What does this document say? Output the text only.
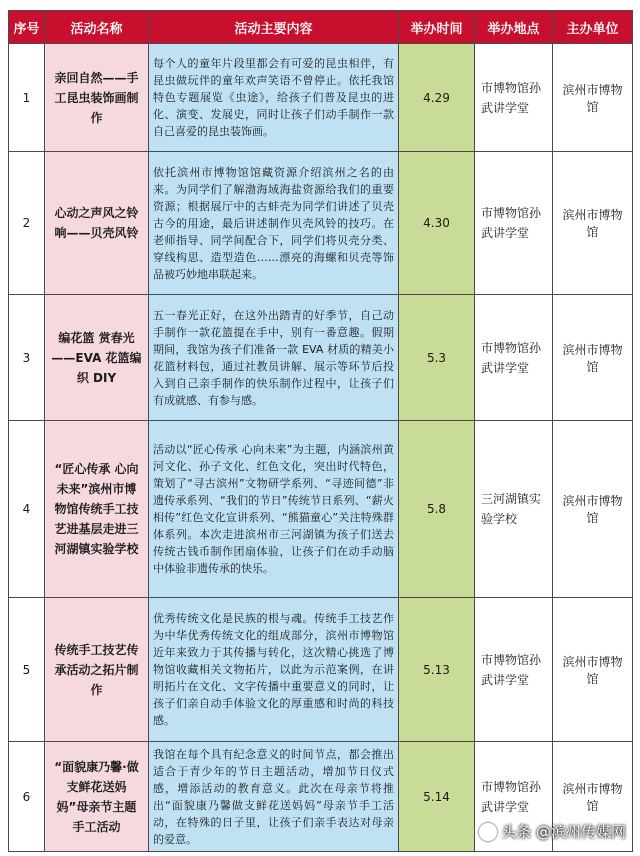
序号	活动名称	活动主要内容	举办时间	举办地点	主办单位
1	亲回自然——手工昆虫装饰画制作	每个人的童年片段里都会有可爱的昆虫相伴，有昆虫做玩伴的童年欢声笑语不曾停止。依托我馆特色专题展览《虫途》，给孩子们普及昆虫的进化、演变、发展史，同时让孩子们动手制作一款自己喜爱的昆虫装饰画。	4.29	市博物馆孙武讲学堂	滨州市博物馆
2	心动之声风之铃响——贝壳风铃	依托滨州市博物馆馆藏资源介绍滨州之名的由来。为同学们了解渤海域海盐资源给我们的重要资源；根据展厅中的古蚌壳为同学们讲述了贝壳古今的用途，最后讲述制作贝壳风铃的技巧。在老师指导、同学间配合下，同学们将贝壳分类、穿线构思、造型造色……漂亮的海螺和贝壳等饰品被巧妙地串联起来。	4.30	市博物馆孙武讲学堂	滨州市博物馆
3	编花篮 赏春光——EVA 花篮编织 DIY	五一春光正好，在这外出踏青的好季节，自己动手制作一款花篮提在手中，别有一番意趣。假期期间，我馆为孩子们准备一款 EVA 材质的精美小花篮材料包，通过社教员讲解、展示等环节后投入到自己亲手制作的快乐制作过程中，让孩子们有成就感、有参与感。	5.3	市博物馆孙武讲学堂	滨州市博物馆
4	“匠心传承 心向未来”滨州市博物馆传统手工技艺进基层走进三河湖镇实验学校	活动以“匠心传承 心向未来”为主题，内涵滨州黄河文化、孙子文化、红色文化，突出时代特色，策划了“寻古滨州”文物研学系列、“寻迹间德”非遗传承系列、“我们的节日”传统节日系列、“薪火相传”红色文化宣讲系列、“熊猫童心”关注特殊群体系列。本次走进滨州市三河湖镇为孩子们送去传统古钱币制作团扇体验，让孩子们在动手动脑中体验非遗传承的快乐。	5.8	三河湖镇实验学校	滨州市博物馆
5	传统手工技艺传承活动之拓片制作	优秀传统文化是民族的根与魂。传统手工技艺作为中华优秀传统文化的组成部分，滨州市博物馆近年来致力于其传播与转化，这次精心挑选了博物馆收藏相关文物拓片，以此为示范案例，在讲明拓片在文化、文字传播中重要意义的同时，让孩子们亲自动手体验文化的厚重感和时尚的科技感。	5.13	市博物馆孙武讲学堂	滨州市博物馆
6	“面貌康乃馨·做支鲜花送妈妈”母亲节主题手工活动	我馆在每个具有纪念意义的时间节点，都会推出适合于青少年的节日主题活动，增加节日仪式感，增添活动的教育意义。此次在母亲节将推出“面貌康乃馨做支鲜花送妈妈”母亲节手工活动，在特殊的日子里，让孩子们亲手表达对母亲的爱意。	5.14	市博物馆孙武讲学堂	滨州市博物馆
头条 @滨州传媒网
